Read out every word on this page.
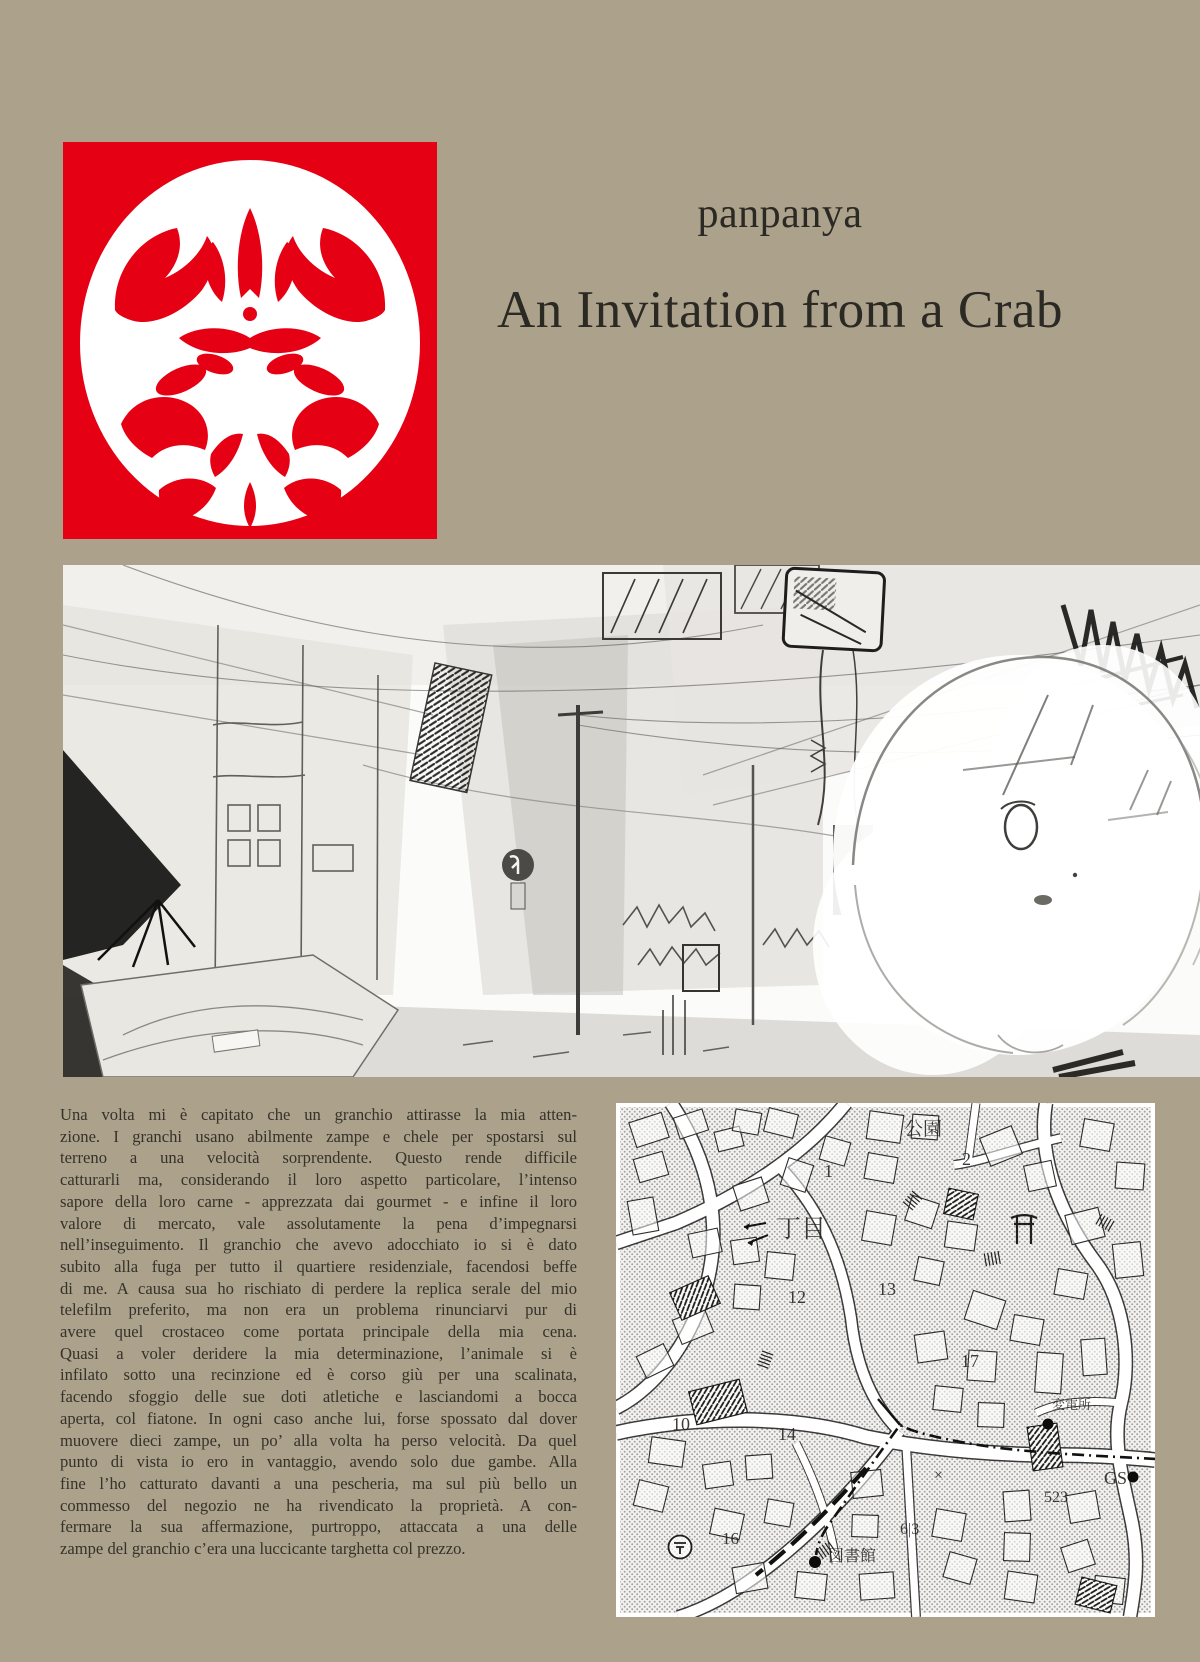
panpanya
An Invitation from a Crab
Una volta mi è capitato che un granchio attirasse la mia atten-
zione. I granchi usano abilmente zampe e chele per spostarsi sul
terreno a una velocità sorprendente. Questo rende difficile
catturarli ma, considerando il loro aspetto particolare, l’intenso
sapore della loro carne - apprezzata dai gourmet - e infine il loro
valore di mercato, vale assolutamente la pena d’impegnarsi
nell’inseguimento. Il granchio che avevo adocchiato io si è dato
subito alla fuga per tutto il quartiere residenziale, facendosi beffe
di me. A causa sua ho rischiato di perdere la replica serale del mio
telefilm preferito, ma non era un problema rinunciarvi pur di
avere quel crostaceo come portata principale della mia cena.
Quasi a voler deridere la mia determinazione, l’animale si è
infilato sotto una recinzione ed è corso giù per una scalinata,
facendo sfoggio delle sue doti atletiche e lasciandomi a bocca
aperta, col fiatone. In ogni caso anche lui, forse spossato dal dover
muovere dieci zampe, un po’ alla volta ha perso velocità. Da quel
punto di vista io ero in vantaggio, avendo solo due gambe. Alla
fine l’ho catturato davanti a una pescheria, ma sul più bello un
commesso del negozio ne ha rivendicato la proprietà. A con-
fermare la sua affermazione, purtroppo, attaccata a una delle
zampe del granchio c’era una luccicante targhetta col prezzo.
公園
2
1
丁目
13
12
17
10	14
×
変電所
523
GS
6|3
16
図書館
